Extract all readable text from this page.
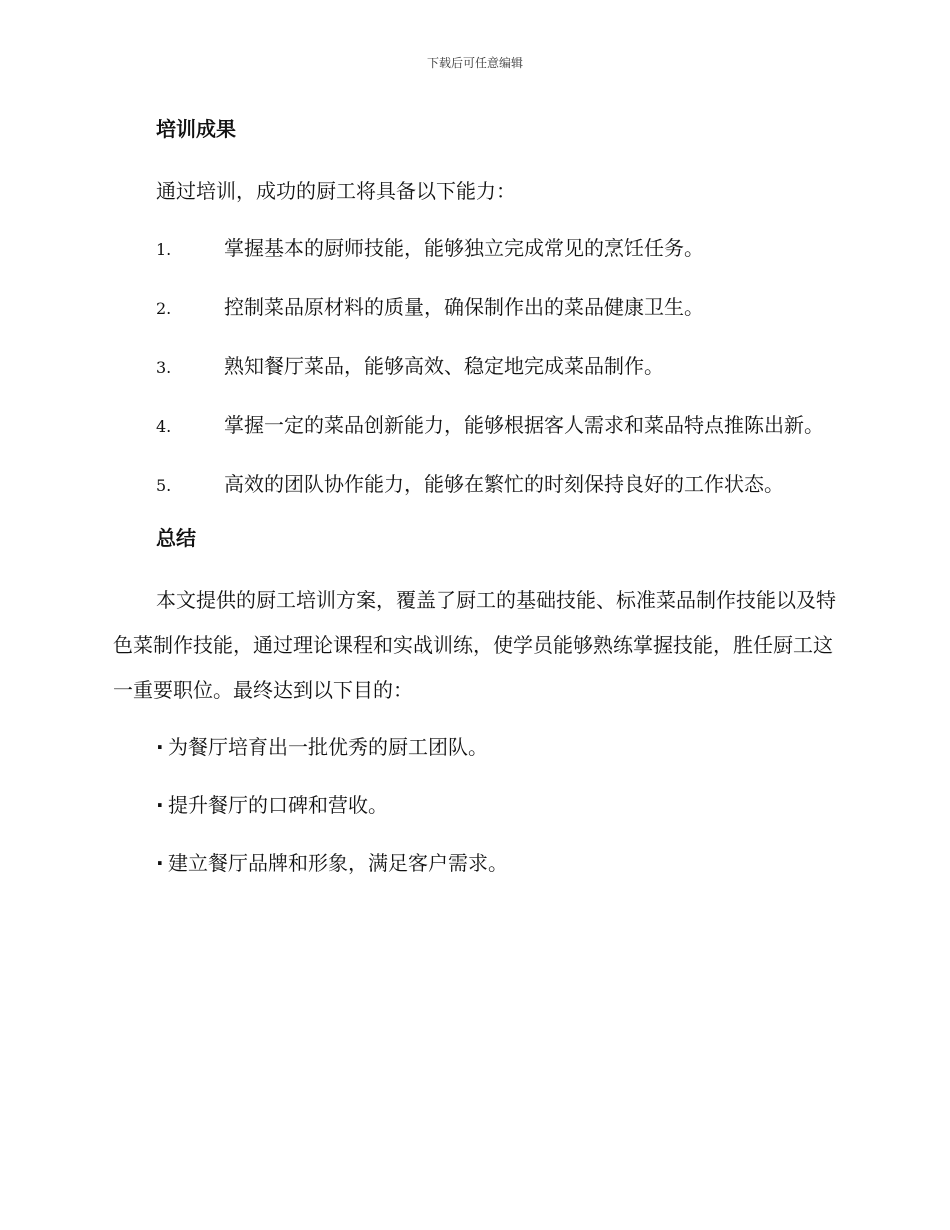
下载后可任意编辑
培训成果

通过培训，成功的厨工将具备以下能力：

1.	掌握基本的厨师技能，能够独立完成常见的烹饪任务。
2.	控制菜品原材料的质量，确保制作出的菜品健康卫生。
3.	熟知餐厅菜品，能够高效、稳定地完成菜品制作。
4.	掌握一定的菜品创新能力，能够根据客人需求和菜品特点推陈出新。
5.	高效的团队协作能力，能够在繁忙的时刻保持良好的工作状态。
总结

本文提供的厨工培训方案，覆盖了厨工的基础技能、标准菜品制作技能以及特色菜制作技能，通过理论课程和实战训练，使学员能够熟练掌握技能，胜任厨工这一重要职位。最终达到以下目的：

· 为餐厅培育出一批优秀的厨工团队。
· 提升餐厅的口碑和营收。
· 建立餐厅品牌和形象，满足客户需求。
